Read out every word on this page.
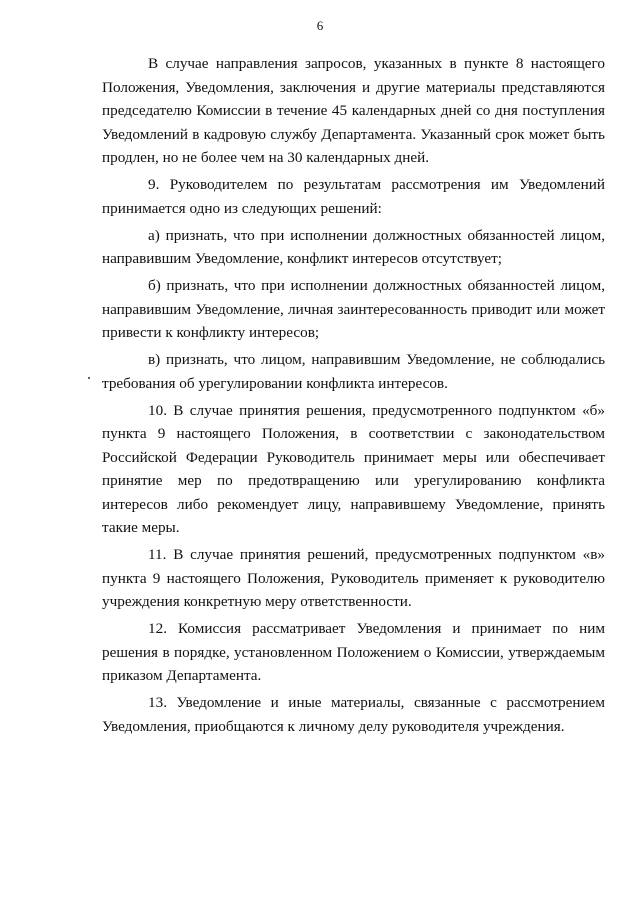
6

В случае направления запросов, указанных в пункте 8 настоящего Положения, Уведомления, заключения и другие материалы представляются председателю Комиссии в течение 45 календарных дней со дня поступления Уведомлений в кадровую службу Департамента. Указанный срок может быть продлен, но не более чем на 30 календарных дней.

9. Руководителем по результатам рассмотрения им Уведомлений принимается одно из следующих решений:

а) признать, что при исполнении должностных обязанностей лицом, направившим Уведомление, конфликт интересов отсутствует;

б) признать, что при исполнении должностных обязанностей лицом, направившим Уведомление, личная заинтересованность приводит или может привести к конфликту интересов;

в) признать, что лицом, направившим Уведомление, не соблюдались требования об урегулировании конфликта интересов.

10. В случае принятия решения, предусмотренного подпунктом «б» пункта 9 настоящего Положения, в соответствии с законодательством Российской Федерации Руководитель принимает меры или обеспечивает принятие мер по предотвращению или урегулированию конфликта интересов либо рекомендует лицу, направившему Уведомление, принять такие меры.

11. В случае принятия решений, предусмотренных подпунктом «в» пункта 9 настоящего Положения, Руководитель применяет к руководителю учреждения конкретную меру ответственности.

12. Комиссия рассматривает Уведомления и принимает по ним решения в порядке, установленном Положением о Комиссии, утверждаемым приказом Департамента.

13. Уведомление и иные материалы, связанные с рассмотрением Уведомления, приобщаются к личному делу руководителя учреждения.
